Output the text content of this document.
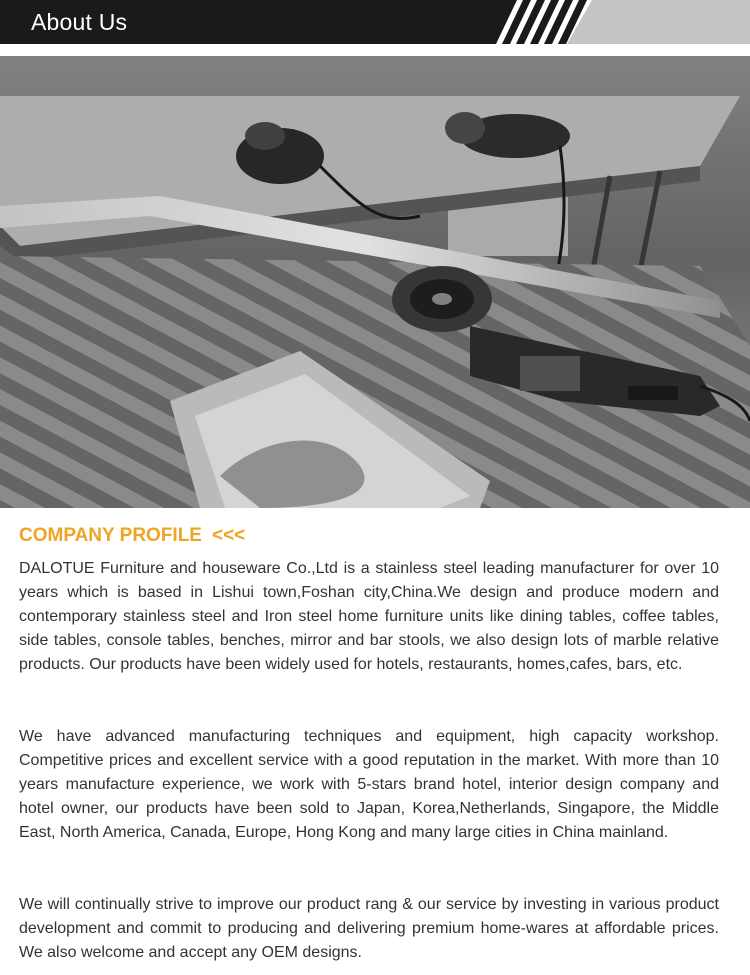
About Us
COMPANY PROFILE <<<

DALOTUE Furniture and houseware Co.,Ltd is a stainless steel leading manufacturer for over 10 years which is based in Lishui town,Foshan city,China.We design and produce modern and contemporary stainless steel and Iron steel home furniture units like dining tables, coffee tables, side tables, console tables, benches, mirror and bar stools, we also design lots of marble relative products. Our products have been widely used for hotels, restaurants, homes,cafes, bars, etc.

We have advanced manufacturing techniques and equipment, high capacity workshop. Competitive prices and excellent service with a good reputation in the market. With more than 10 years manufacture experience, we work with 5-stars brand hotel, interior design company and hotel owner, our products have been sold to Japan, Korea,Netherlands, Singapore, the Middle East, North America, Canada, Europe, Hong Kong and many large cities in China mainland.

We will continually strive to improve our product rang & our service by investing in various product development and commit to producing and delivering premium home-wares at affordable prices. We also welcome and accept any OEM designs.
